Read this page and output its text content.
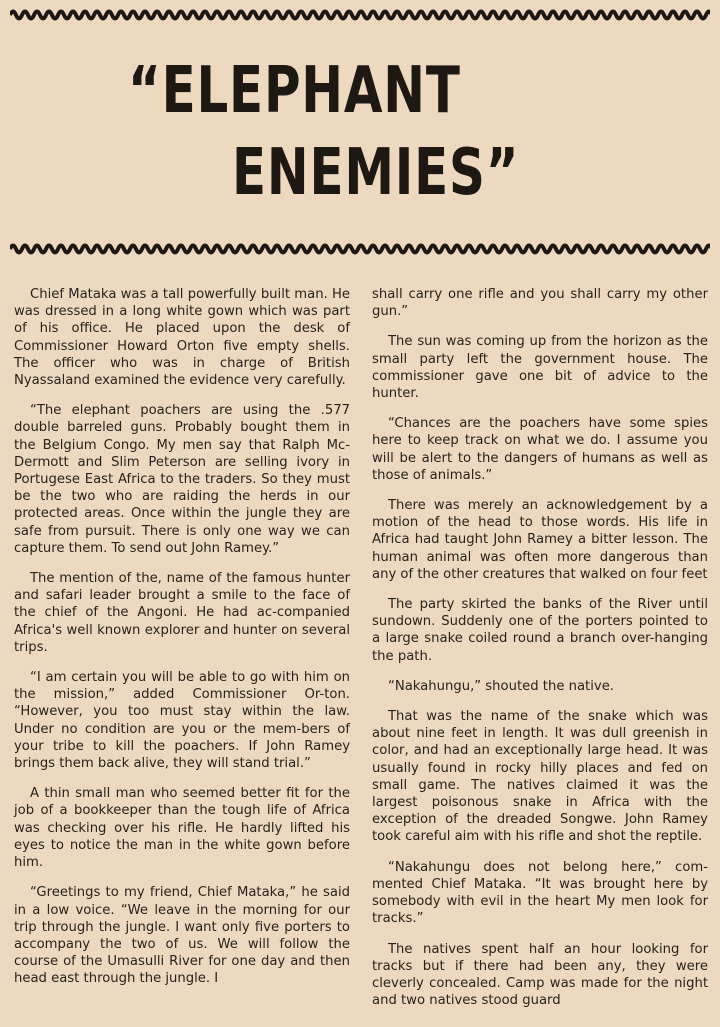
“ELEPHANT
ENEMIES”

Chief Mataka was a tall powerfully built man. He was dressed in a long white gown which was part of his office. He placed upon the desk of Commissioner Howard Orton five empty shells. The officer who was in charge of British Nyassaland examined the evidence very carefully.

“The elephant poachers are using the .577 double barreled guns. Probably bought them in the Belgium Congo. My men say that Ralph Mc-Dermott and Slim Peterson are selling ivory in Portugese East Africa to the traders. So they must be the two who are raiding the herds in our protected areas. Once within the jungle they are safe from pursuit. There is only one way we can capture them. To send out John Ramey.”

The mention of the, name of the famous hunter and safari leader brought a smile to the face of the chief of the Angoni. He had ac-companied Africa's well known explorer and hunter on several trips.

“I am certain you will be able to go with him on the mission,” added Commissioner Or-ton. “However, you too must stay within the law. Under no condition are you or the mem-bers of your tribe to kill the poachers. If John Ramey brings them back alive, they will stand trial.”

A thin small man who seemed better fit for the job of a bookkeeper than the tough life of Africa was checking over his rifle. He hardly lifted his eyes to notice the man in the white gown before him.

“Greetings to my friend, Chief Mataka,” he said in a low voice. “We leave in the morning for our trip through the jungle. I want only five porters to accompany the two of us. We will follow the course of the Umasulli River for one day and then head east through the jungle. I

shall carry one rifle and you shall carry my other gun.”

The sun was coming up from the horizon as the small party left the government house. The commissioner gave one bit of advice to the hunter.

“Chances are the poachers have some spies here to keep track on what we do. I assume you will be alert to the dangers of humans as well as those of animals.”

There was merely an acknowledgement by a motion of the head to those words. His life in Africa had taught John Ramey a bitter lesson. The human animal was often more dangerous than any of the other creatures that walked on four feet

The party skirted the banks of the River until sundown. Suddenly one of the porters pointed to a large snake coiled round a branch over-hanging the path.

“Nakahungu,” shouted the native.

That was the name of the snake which was about nine feet in length. It was dull greenish in color, and had an exceptionally large head. It was usually found in rocky hilly places and fed on small game. The natives claimed it was the largest poisonous snake in Africa with the exception of the dreaded Songwe. John Ramey took careful aim with his rifle and shot the reptile.

“Nakahungu does not belong here,” com-mented Chief Mataka. “It was brought here by somebody with evil in the heart My men look for tracks.”

The natives spent half an hour looking for tracks but if there had been any, they were cleverly concealed. Camp was made for the night and two natives stood guard
